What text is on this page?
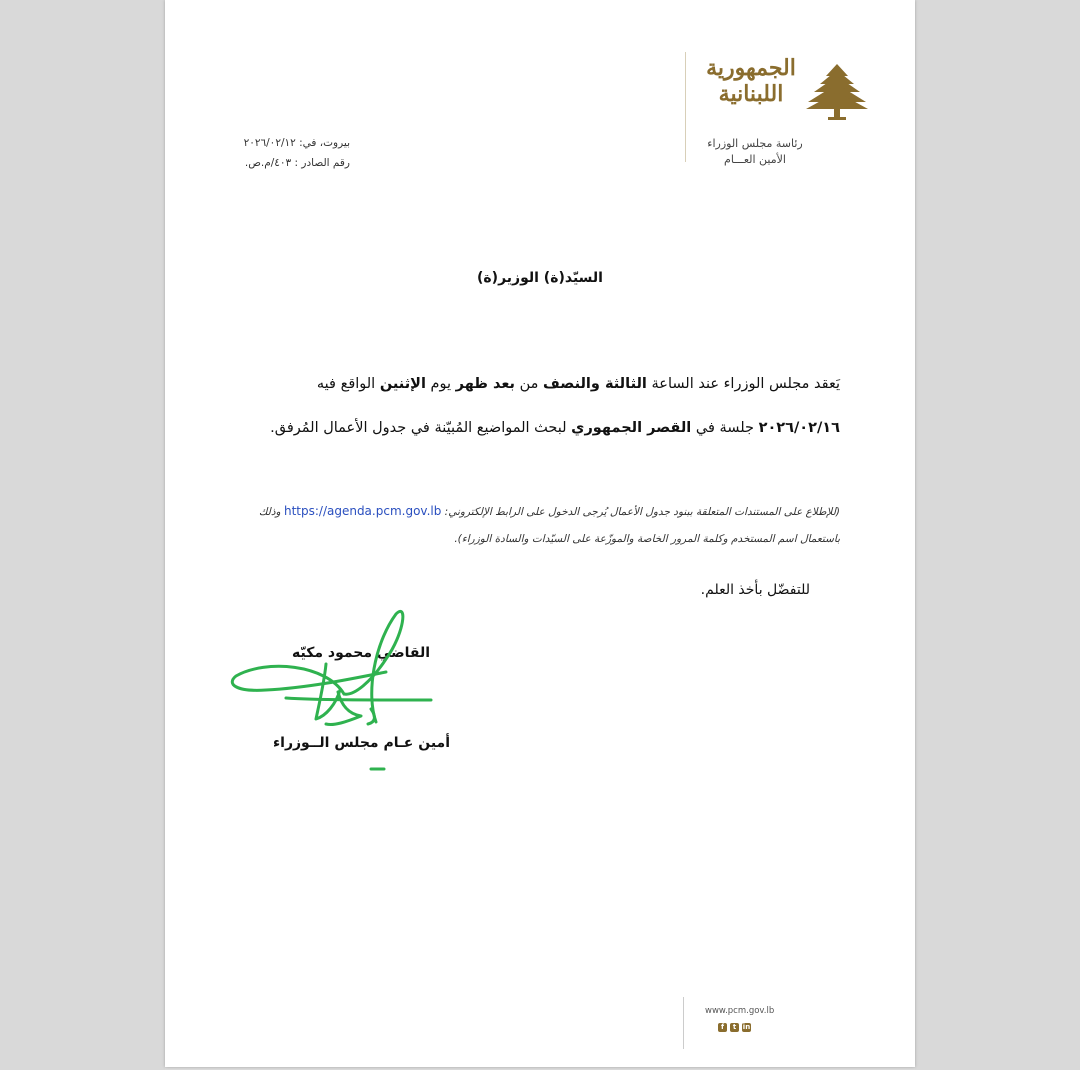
الجمهورية
اللبنانية
رئاسة مجلس الوزراء
الأمين العـــام
بيروت، في: ٢٠٢٦/٠٢/١٢
رقم الصادر : ٤٠٣/م.ص.
السيّد(ة) الوزير(ة)
يَعقد مجلس الوزراء عند الساعة الثالثة والنصف من بعد ظهر يوم الإثنين الواقع فيه
٢٠٢٦/٠٢/١٦ جلسة في القصر الجمهوري لبحث المواضيع المُبيّنة في جدول الأعمال المُرفق.
(للإطلاع على المستندات المتعلقة ببنود جدول الأعمال يُرجى الدخول على الرابط الإلكتروني: https://agenda.pcm.gov.lb وذلك باستعمال اسم المستخدم وكلمة المرور الخاصة والموزّعة على السيّدات والسادة الوزراء).
للتفضّل بأخذ العلم.
القاضي محمود مكيّه
أمين عـام مجلس الــوزراء
www.pcm.gov.lb
f	t in
